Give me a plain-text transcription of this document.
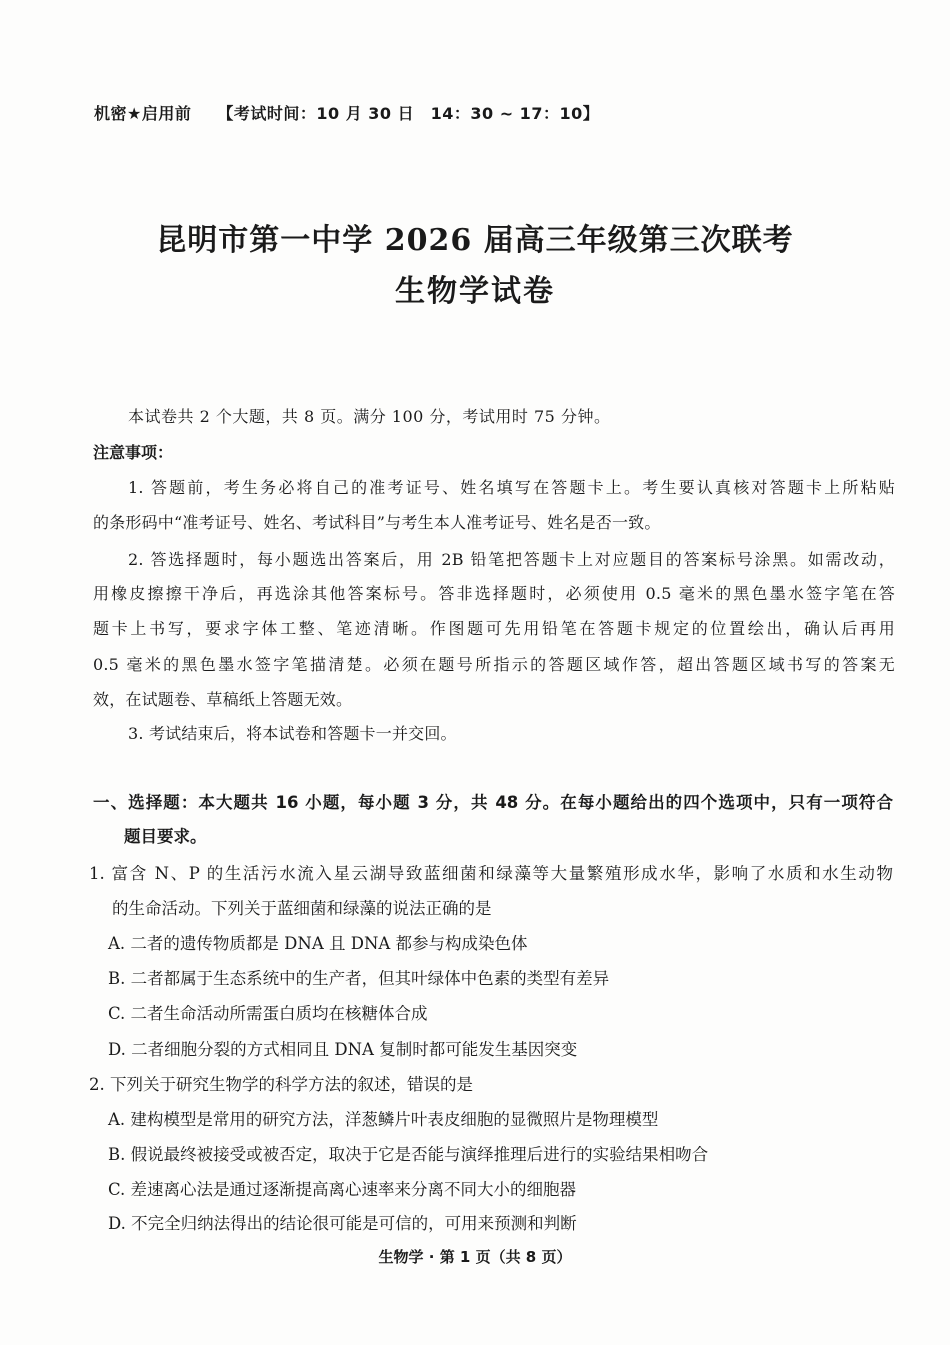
机密★启用前 【考试时间：10 月 30 日　14：30 ~ 17：10】
昆明市第一中学 2026 届高三年级第三次联考
生物学试卷
本试卷共 2 个大题，共 8 页。满分 100 分，考试用时 75 分钟。
注意事项：
1. 答题前，考生务必将自己的准考证号、姓名填写在答题卡上。考生要认真核对答题卡上所粘贴
的条形码中“准考证号、姓名、考试科目”与考生本人准考证号、姓名是否一致。
2. 答选择题时，每小题选出答案后，用 2B 铅笔把答题卡上对应题目的答案标号涂黑。如需改动，
用橡皮擦擦干净后，再选涂其他答案标号。答非选择题时，必须使用 0.5 毫米的黑色墨水签字笔在答
题卡上书写，要求字体工整、笔迹清晰。作图题可先用铅笔在答题卡规定的位置绘出，确认后再用
0.5 毫米的黑色墨水签字笔描清楚。必须在题号所指示的答题区域作答，超出答题区域书写的答案无
效，在试题卷、草稿纸上答题无效。
3. 考试结束后，将本试卷和答题卡一并交回。
一、选择题：本大题共 16 小题，每小题 3 分，共 48 分。在每小题给出的四个选项中，只有一项符合
题目要求。
1. 富含 N、P 的生活污水流入星云湖导致蓝细菌和绿藻等大量繁殖形成水华，影响了水质和水生动物
的生命活动。下列关于蓝细菌和绿藻的说法正确的是
A. 二者的遗传物质都是 DNA 且 DNA 都参与构成染色体
B. 二者都属于生态系统中的生产者，但其叶绿体中色素的类型有差异
C. 二者生命活动所需蛋白质均在核糖体合成
D. 二者细胞分裂的方式相同且 DNA 复制时都可能发生基因突变
2. 下列关于研究生物学的科学方法的叙述，错误的是
A. 建构模型是常用的研究方法，洋葱鳞片叶表皮细胞的显微照片是物理模型
B. 假说最终被接受或被否定，取决于它是否能与演绎推理后进行的实验结果相吻合
C. 差速离心法是通过逐渐提高离心速率来分离不同大小的细胞器
D. 不完全归纳法得出的结论很可能是可信的，可用来预测和判断
生物学 · 第 1 页（共 8 页）
